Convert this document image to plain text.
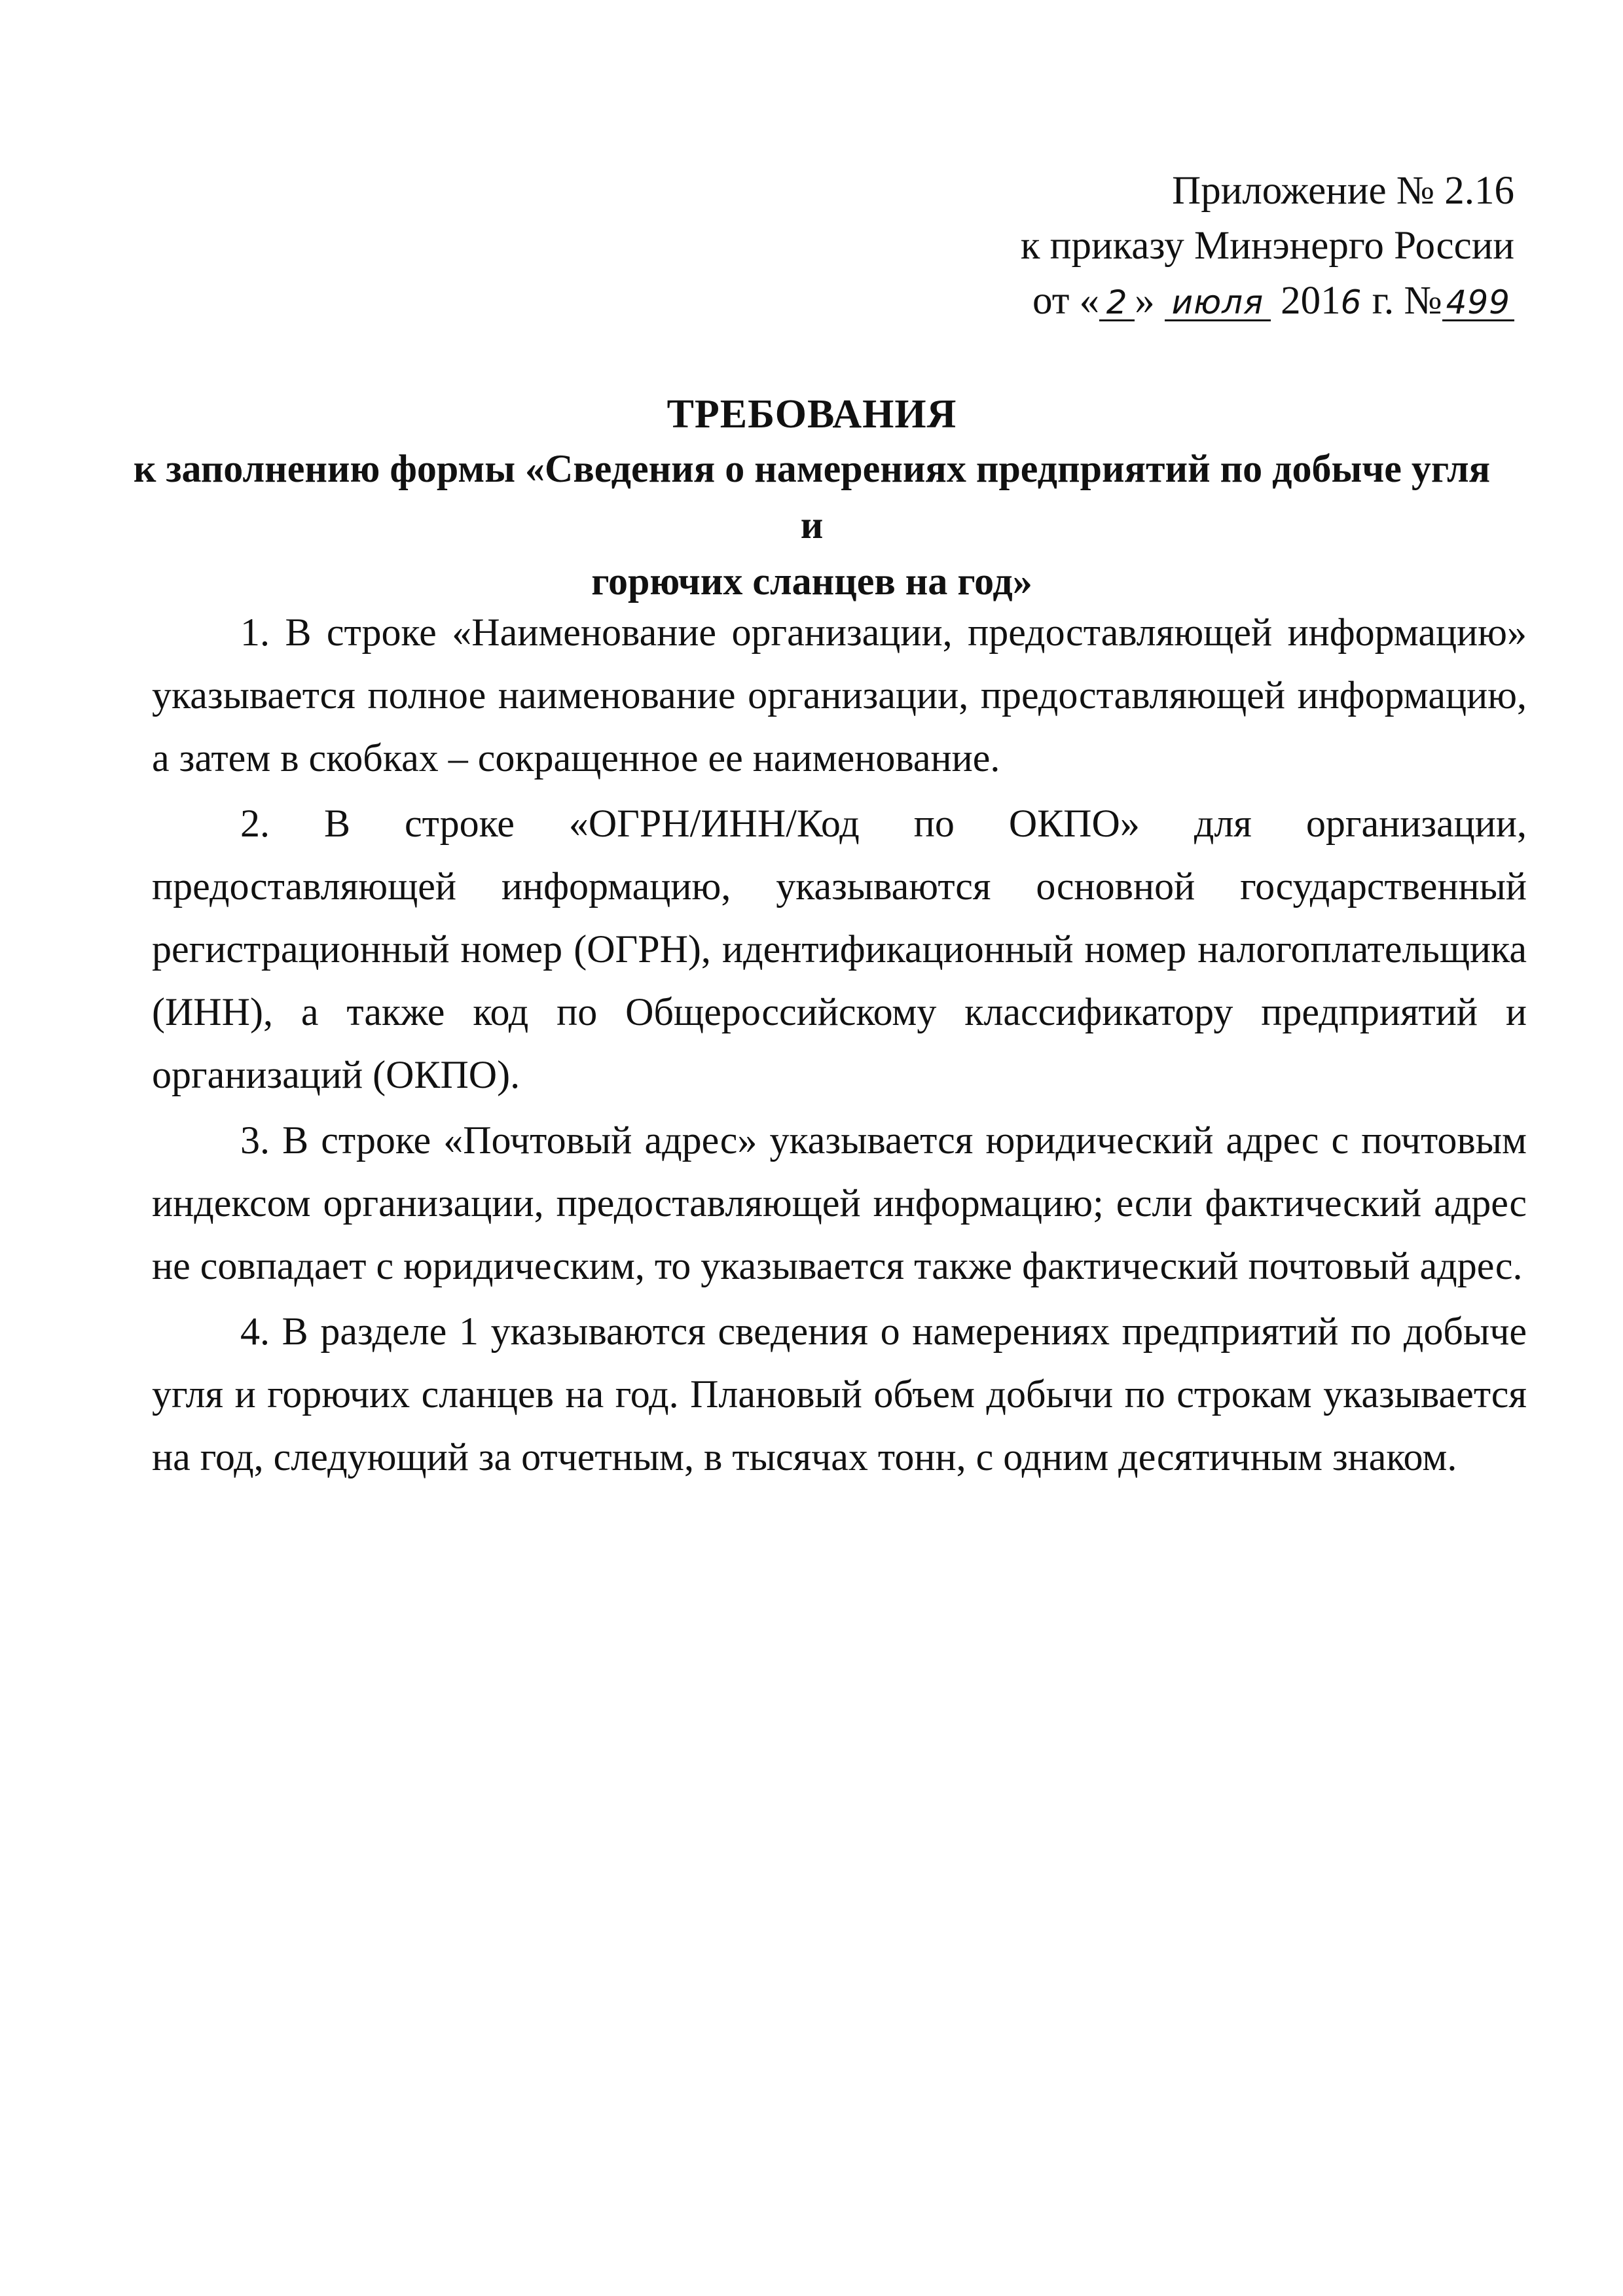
Приложение № 2.16
к приказу Минэнерго России
от « 2 » июля 2016 г. № 499
ТРЕБОВАНИЯ
к заполнению формы «Сведения о намерениях предприятий по добыче угля и
горючих сланцев на год»

1. В строке «Наименование организации, предоставляющей информацию» указывается полное наименование организации, предоставляющей информацию, а затем в скобках – сокращенное ее наименование.

2. В строке «ОГРН/ИНН/Код по ОКПО» для организации, предоставляющей информацию, указываются основной государственный регистрационный номер (ОГРН), идентификационный номер налогоплательщика (ИНН), а также код по Общероссийскому классификатору предприятий и организаций (ОКПО).

3. В строке «Почтовый адрес» указывается юридический адрес с почтовым индексом организации, предоставляющей информацию; если фактический адрес не совпадает с юридическим, то указывается также фактический почтовый адрес.

4. В разделе 1 указываются сведения о намерениях предприятий по добыче угля и горючих сланцев на год. Плановый объем добычи по строкам указывается на год, следующий за отчетным, в тысячах тонн, с одним десятичным знаком.
